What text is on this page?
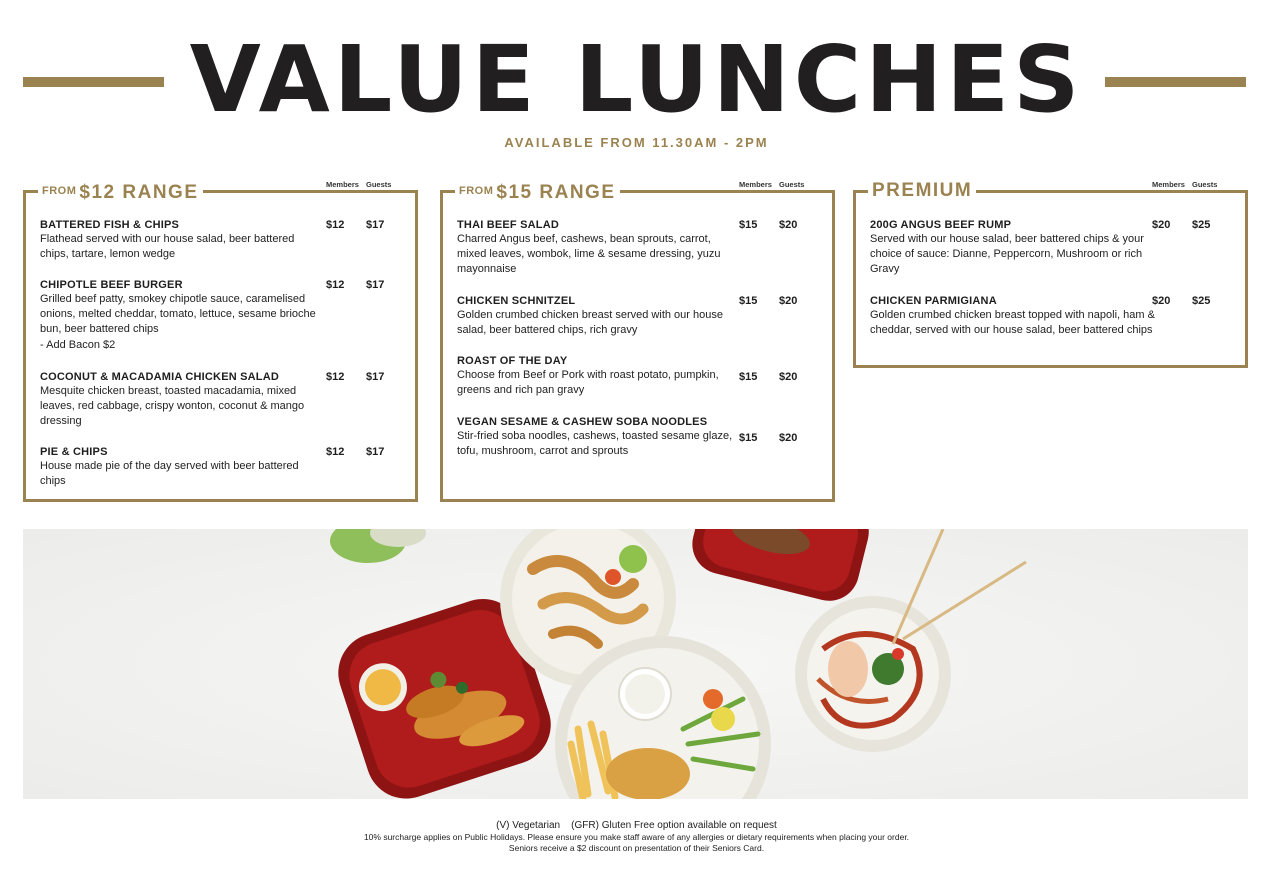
VALUE LUNCHES
AVAILABLE FROM 11.30AM - 2PM
$^{FROM}$ $12 RANGE	Members Guests
BATTERED FISH & CHIPS
Flathead served with our house salad, beer battered chips, tartare, lemon wedge
$12 $17
CHIPOTLE BEEF BURGER
Grilled beef patty, smokey chipotle sauce, caramelised onions, melted cheddar, tomato, lettuce, sesame brioche bun, beer battered chips
- Add Bacon $2
$12 $17
COCONUT & MACADAMIA CHICKEN SALAD
Mesquite chicken breast, toasted macadamia, mixed leaves, red cabbage, crispy wonton, coconut & mango dressing
$12 $17
PIE & CHIPS
House made pie of the day served with beer battered chips
$12 $17
$^{FROM}$ $15 RANGE	Members Guests
THAI BEEF SALAD
Charred Angus beef, cashews, bean sprouts, carrot, mixed leaves, wombok, lime & sesame dressing, yuzu mayonnaise
$15 $20
CHICKEN SCHNITZEL
Golden crumbed chicken breast served with our house salad, beer battered chips, rich gravy
$15 $20
ROAST OF THE DAY
Choose from Beef or Pork with roast potato, pumpkin, greens and rich pan gravy
$15 $20
VEGAN SESAME & CASHEW SOBA NOODLES
Stir-fried soba noodles, cashews, toasted sesame glaze, tofu, mushroom, carrot and sprouts
$15 $20
PREMIUM	Members Guests
200G ANGUS BEEF RUMP
Served with our house salad, beer battered chips & your choice of sauce: Dianne, Peppercorn, Mushroom or rich Gravy
$20 $25
CHICKEN PARMIGIANA
Golden crumbed chicken breast topped with napoli, ham & cheddar, served with our house salad, beer battered chips
$20 $25
(V) Vegetarian    (GFR) Gluten Free option available on request
10% surcharge applies on Public Holidays. Please ensure you make staff aware of any allergies or dietary requirements when placing your order.
Seniors receive a $2 discount on presentation of their Seniors Card.
